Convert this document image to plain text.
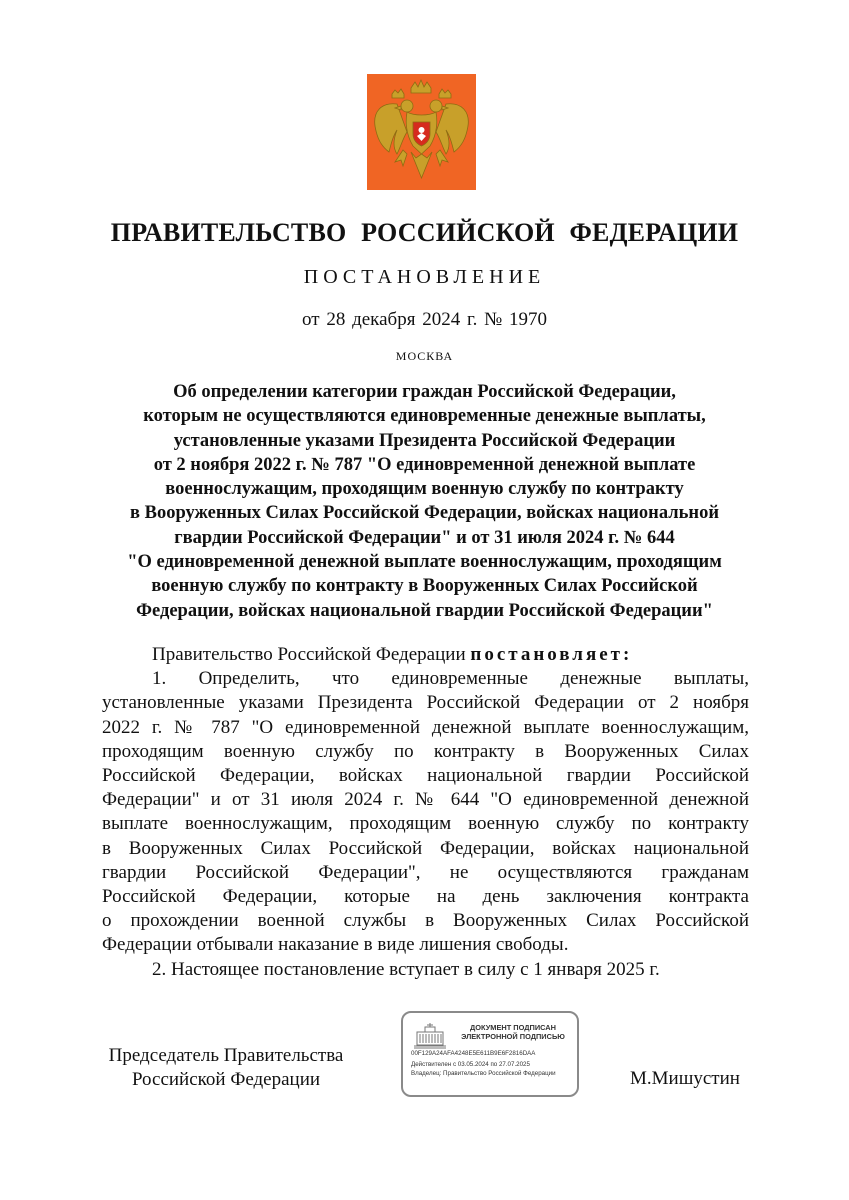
ПРАВИТЕЛЬСТВО РОССИЙСКОЙ ФЕДЕРАЦИИ
ПОСТАНОВЛЕНИЕ
от 28 декабря 2024 г. № 1970
МОСКВА
Об определении категории граждан Российской Федерации,
которым не осуществляются единовременные денежные выплаты,
установленные указами Президента Российской Федерации
от 2 ноября 2022 г. № 787 "О единовременной денежной выплате
военнослужащим, проходящим военную службу по контракту
в Вооруженных Силах Российской Федерации, войсках национальной
гвардии Российской Федерации" и от 31 июля 2024 г. № 644
"О единовременной денежной выплате военнослужащим, проходящим
военную службу по контракту в Вооруженных Силах Российской
Федерации, войсках национальной гвардии Российской Федерации"
Правительство Российской Федерации постановляет:
1. Определить, что единовременные денежные выплаты,
установленные указами Президента Российской Федерации от 2 ноября
2022 г. № 787 "О единовременной денежной выплате военнослужащим,
проходящим военную службу по контракту в Вооруженных Силах
Российской Федерации, войсках национальной гвардии Российской
Федерации" и от 31 июля 2024 г. № 644 "О единовременной денежной
выплате военнослужащим, проходящим военную службу по контракту
в Вооруженных Силах Российской Федерации, войсках национальной
гвардии Российской Федерации", не осуществляются гражданам
Российской Федерации, которые на день заключения контракта
о прохождении военной службы в Вооруженных Силах Российской
Федерации отбывали наказание в виде лишения свободы.
2. Настоящее постановление вступает в силу с 1 января 2025 г.
Председатель Правительства
Российской Федерации
ДОКУМЕНТ ПОДПИСАН
ЭЛЕКТРОННОЙ ПОДПИСЬЮ
00F129A24AFA4248E5E611B9E6F2816DAA
Действителен с 03.05.2024 по 27.07.2025
Владелец: Правительство Российской Федерации	М.Мишустин
